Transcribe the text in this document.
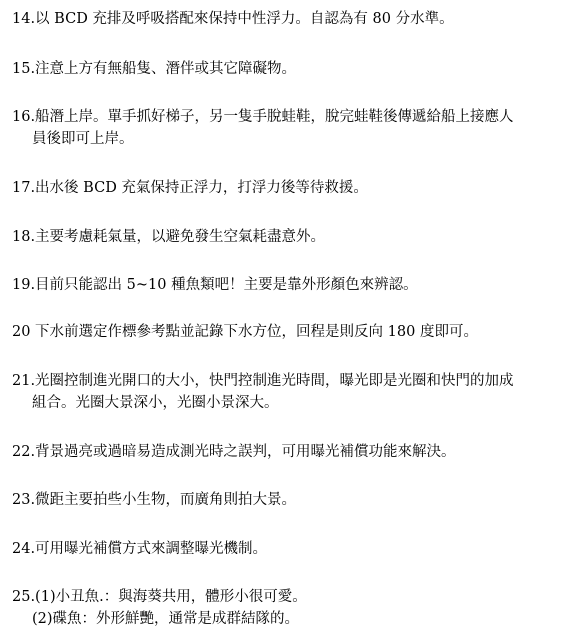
14.以 BCD 充排及呼吸搭配來保持中性浮力。自認為有 80 分水準。
15.注意上方有無船隻、潛伴或其它障礙物。
16.船潛上岸。單手抓好梯子，另一隻手脫蛙鞋，脫完蛙鞋後傳遞給船上接應人
員後即可上岸。
17.出水後 BCD 充氣保持正浮力，打浮力後等待救援。
18.主要考慮耗氣量，以避免發生空氣耗盡意外。
19.目前只能認出 5~10 種魚類吧！主要是靠外形顏色來辨認。
20 下水前選定作標參考點並記錄下水方位，回程是則反向 180 度即可。
21.光圈控制進光開口的大小，快門控制進光時間，曝光即是光圈和快門的加成
組合。光圈大景深小，光圈小景深大。
22.背景過亮或過暗易造成測光時之誤判，可用曝光補償功能來解決。
23.微距主要拍些小生物，而廣角則拍大景。
24.可用曝光補償方式來調整曝光機制。
25.(1)小丑魚.：與海葵共用，體形小很可愛。
(2)碟魚：外形鮮艷，通常是成群結隊的。
